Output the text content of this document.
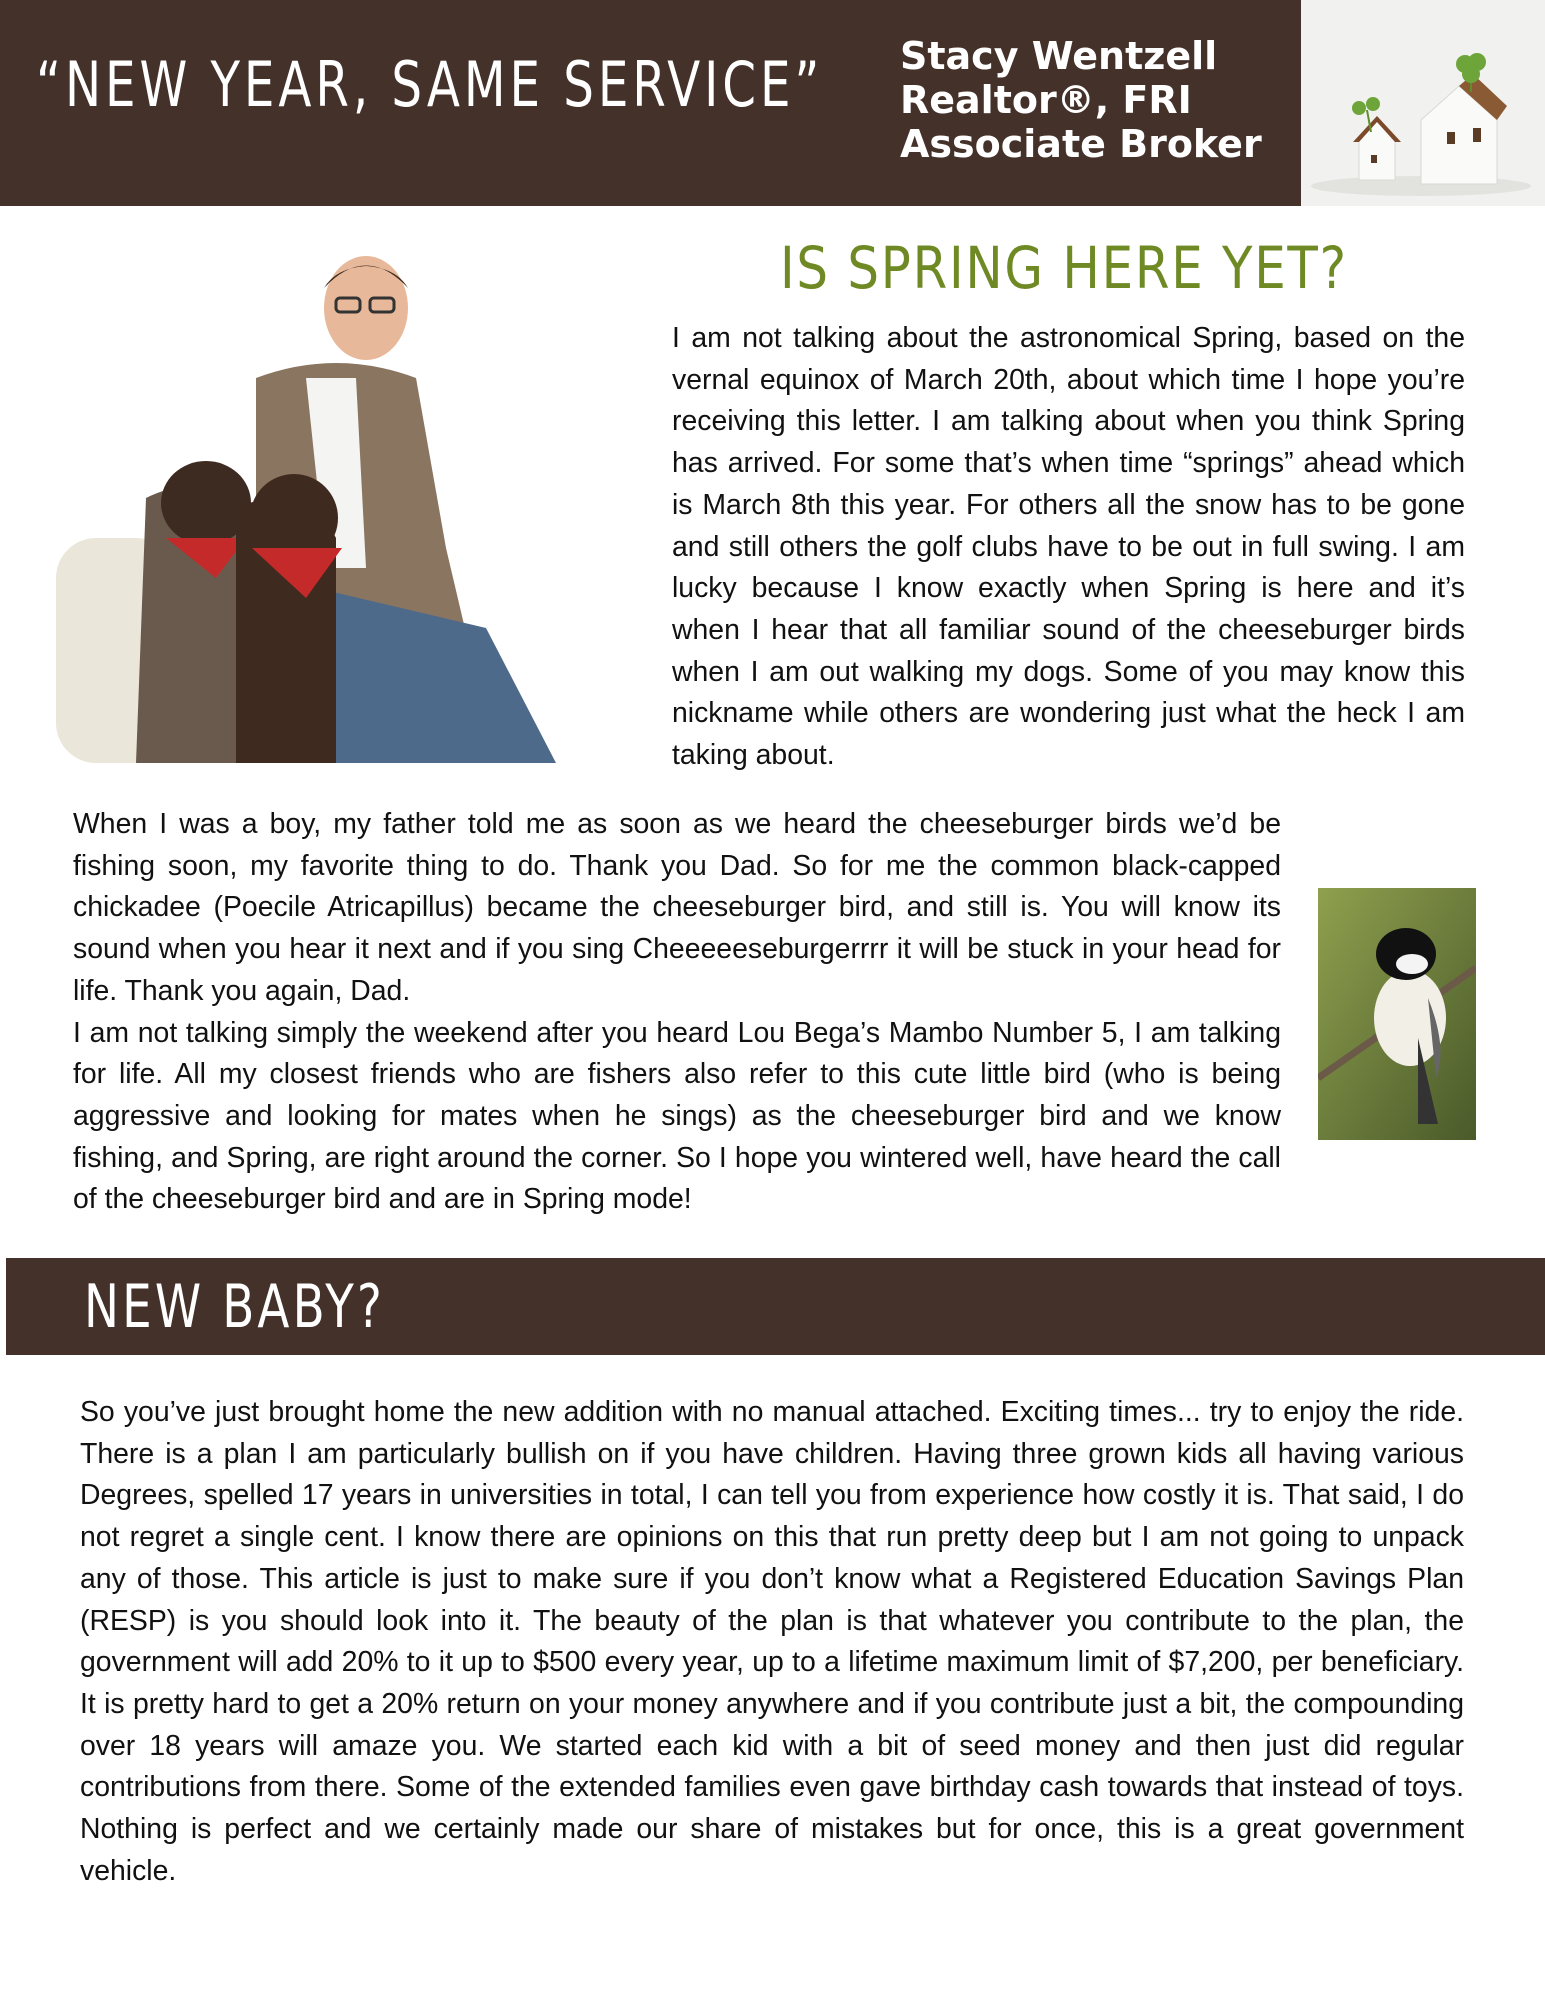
“NEW YEAR, SAME SERVICE” Stacy Wentzell
Realtor®, FRI
Associate Broker
IS SPRING HERE YET?

I am not talking about the astronomical Spring, based on the vernal equinox of March 20th, about which time I hope you’re receiving this letter. I am talking about when you think Spring has arrived. For some that’s when time “springs” ahead which is March 8th this year. For others all the snow has to be gone and still others the golf clubs have to be out in full swing. I am lucky because I know exactly when Spring is here and it’s when I hear that all familiar sound of the cheeseburger birds when I am out walking my dogs. Some of you may know this nickname while others are wondering just what the heck I am taking about.

When I was a boy, my father told me as soon as we heard the cheeseburger birds we’d be fishing soon, my favorite thing to do. Thank you Dad. So for me the common black-capped chickadee (Poecile Atricapillus) became the cheeseburger bird, and still is. You will know its sound when you hear it next and if you sing Cheeeeeseburgerrrr it will be stuck in your head for life. Thank you again, Dad.
I am not talking simply the weekend after you heard Lou Bega’s Mambo Number 5, I am talking for life. All my closest friends who are fishers also refer to this cute little bird (who is being aggressive and looking for mates when he sings) as the cheeseburger bird and we know fishing, and Spring, are right around the corner. So I hope you wintered well, have heard the call of the cheeseburger bird and are in Spring mode!
NEW BABY?

So you’ve just brought home the new addition with no manual attached. Exciting times... try to enjoy the ride. There is a plan I am particularly bullish on if you have children. Having three grown kids all having various Degrees, spelled 17 years in universities in total, I can tell you from experience how costly it is. That said, I do not regret a single cent. I know there are opinions on this that run pretty deep but I am not going to unpack any of those. This article is just to make sure if you don’t know what a Registered Education Savings Plan (RESP) is you should look into it. The beauty of the plan is that whatever you contribute to the plan, the government will add 20% to it up to $500 every year, up to a lifetime maximum limit of $7,200, per beneficiary. It is pretty hard to get a 20% return on your money anywhere and if you contribute just a bit, the compounding over 18 years will amaze you. We started each kid with a bit of seed money and then just did regular contributions from there. Some of the extended families even gave birthday cash towards that instead of toys. Nothing is perfect and we certainly made our share of mistakes but for once, this is a great government vehicle.
